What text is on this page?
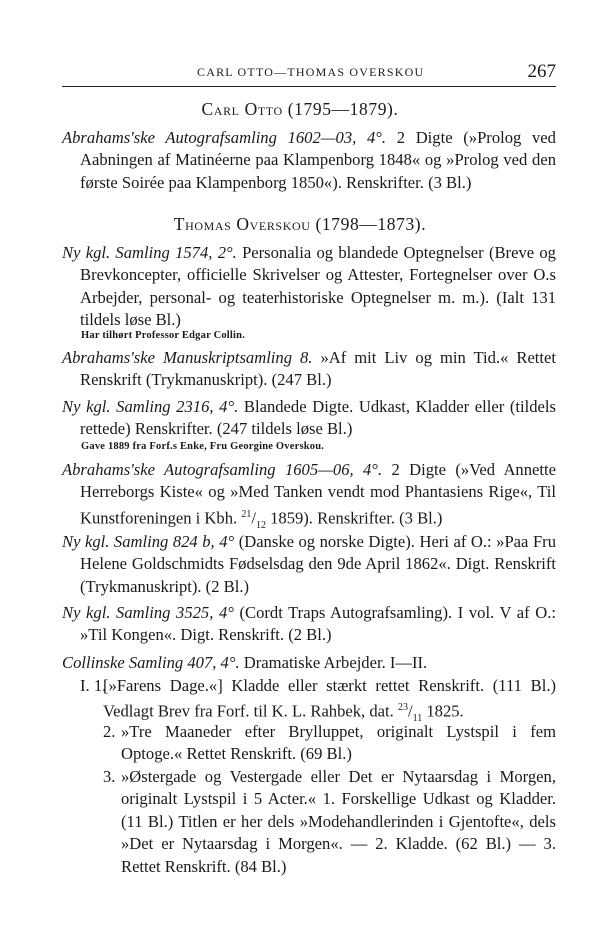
CARL OTTO—THOMAS OVERSKOU	267
Carl Otto (1795—1879).
Abrahams'ske Autografsamling 1602—03, 4°. 2 Digte (»Prolog ved Aabningen af Matinéerne paa Klampenborg 1848« og »Prolog ved den første Soirée paa Klampenborg 1850«). Renskrifter. (3 Bl.)
Thomas Overskou (1798—1873).
Ny kgl. Samling 1574, 2°. Personalia og blandede Optegnelser (Breve og Brevkoncepter, officielle Skrivelser og Attester, Fortegnelser over O.s Arbejder, personal- og teaterhistoriske Optegnelser m. m.). (Ialt 131 tildels løse Bl.)
Har tilhørt Professor Edgar Collin.
Abrahams'ske Manuskriptsamling 8. »Af mit Liv og min Tid.« Rettet Renskrift (Trykmanuskript). (247 Bl.)
Ny kgl. Samling 2316, 4°. Blandede Digte. Udkast, Kladder eller (tildels rettede) Renskrifter. (247 tildels løse Bl.)
Gave 1889 fra Forf.s Enke, Fru Georgine Overskou.
Abrahams'ske Autografsamling 1605—06, 4°. 2 Digte (»Ved Annette Herreborgs Kiste« og »Med Tanken vendt mod Phantasiens Rige«, Til Kunstforeningen i Kbh. $^{21}/_{12}$ 1859). Renskrifter. (3 Bl.)
Ny kgl. Samling 824 b, 4° (Danske og norske Digte). Heri af O.: »Paa Fru Helene Goldschmidts Fødselsdag den 9de April 1862«. Digt. Renskrift (Trykmanuskript). (2 Bl.)
Ny kgl. Samling 3525, 4° (Cordt Traps Autografsamling). I vol. V af O.: »Til Kongen«. Digt. Renskrift. (2 Bl.)
Collinske Samling 407, 4°. Dramatiske Arbejder. I—II.
I. 1.
[»Farens Dage.«] Kladde eller stærkt rettet Renskrift. (111 Bl.) Vedlagt Brev fra Forf. til K. L. Rahbek, dat. $^{23}/_{11}$ 1825.
2. »Tre Maaneder efter Brylluppet, originalt Lystspil i fem Optoge.« Rettet Renskrift. (69 Bl.)
3. »Østergade og Vestergade eller Det er Nytaarsdag i Morgen, originalt Lystspil i 5 Acter.« 1. Forskellige Udkast og Kladder. (11 Bl.) Titlen er her dels »Modehandlerinden i Gjentofte«, dels »Det er Nytaarsdag i Morgen«. — 2. Kladde. (62 Bl.) — 3. Rettet Renskrift. (84 Bl.)
